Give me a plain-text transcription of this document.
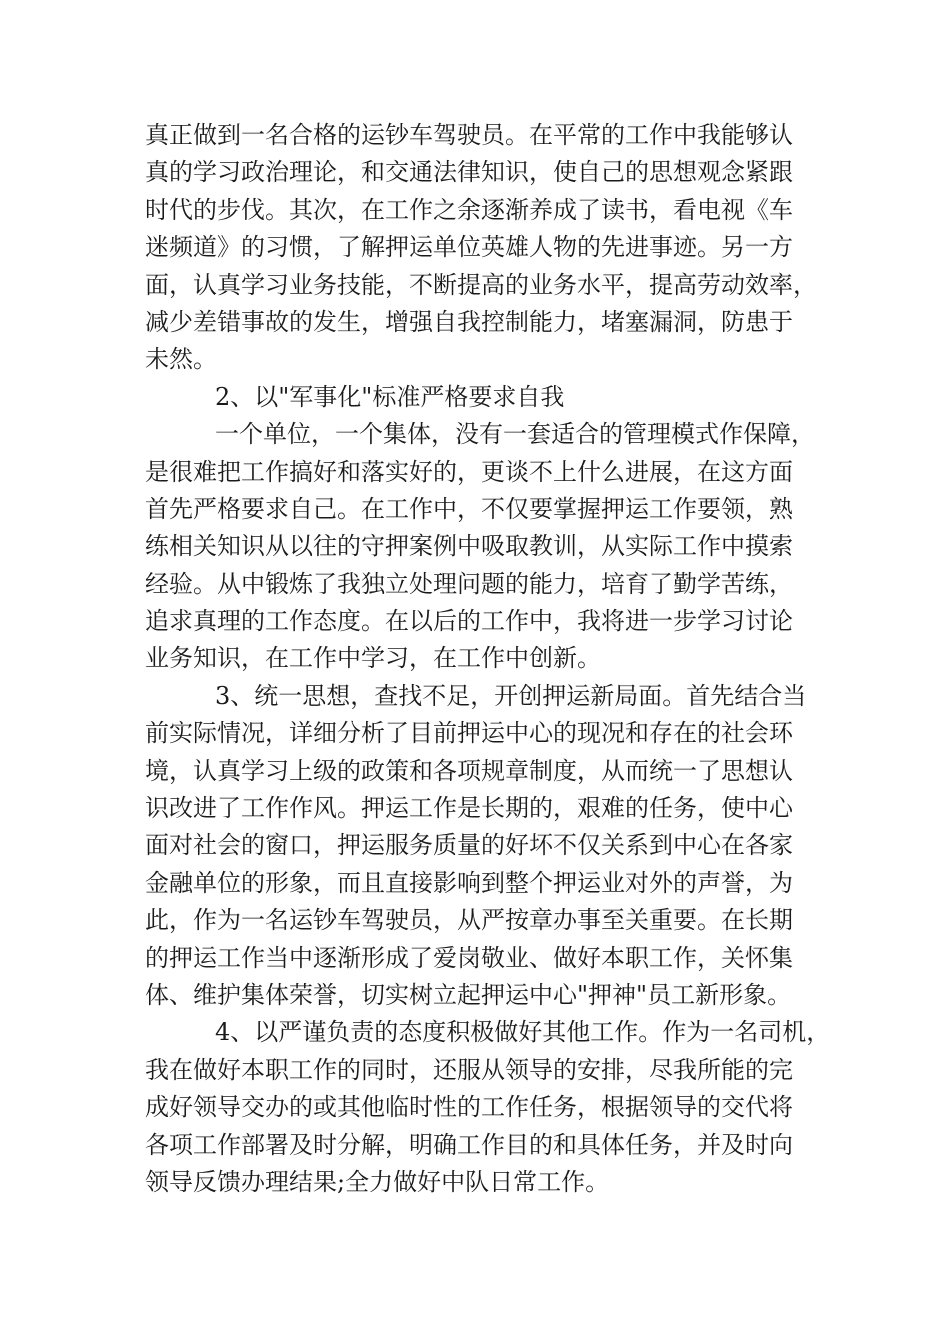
真正做到一名合格的运钞车驾驶员。在平常的工作中我能够认
真的学习政治理论，和交通法律知识，使自己的思想观念紧跟
时代的步伐。其次，在工作之余逐渐养成了读书，看电视《车
迷频道》的习惯，了解押运单位英雄人物的先进事迹。另一方
面，认真学习业务技能，不断提高的业务水平，提高劳动效率，
减少差错事故的发生，增强自我控制能力，堵塞漏洞，防患于
未然。
2、以"军事化"标准严格要求自我
一个单位，一个集体，没有一套适合的管理模式作保障，
是很难把工作搞好和落实好的，更谈不上什么进展，在这方面
首先严格要求自己。在工作中，不仅要掌握押运工作要领，熟
练相关知识从以往的守押案例中吸取教训，从实际工作中摸索
经验。从中锻炼了我独立处理问题的能力，培育了勤学苦练，
追求真理的工作态度。在以后的工作中，我将进一步学习讨论
业务知识，在工作中学习，在工作中创新。
3、统一思想，查找不足，开创押运新局面。首先结合当
前实际情况，详细分析了目前押运中心的现况和存在的社会环
境，认真学习上级的政策和各项规章制度，从而统一了思想认
识改进了工作作风。押运工作是长期的，艰难的任务，使中心
面对社会的窗口，押运服务质量的好坏不仅关系到中心在各家
金融单位的形象，而且直接影响到整个押运业对外的声誉，为
此，作为一名运钞车驾驶员，从严按章办事至关重要。在长期
的押运工作当中逐渐形成了爱岗敬业、做好本职工作，关怀集
体、维护集体荣誉，切实树立起押运中心"押神"员工新形象。
4、以严谨负责的态度积极做好其他工作。作为一名司机，
我在做好本职工作的同时，还服从领导的安排，尽我所能的完
成好领导交办的或其他临时性的工作任务，根据领导的交代将
各项工作部署及时分解，明确工作目的和具体任务，并及时向
领导反馈办理结果;全力做好中队日常工作。
